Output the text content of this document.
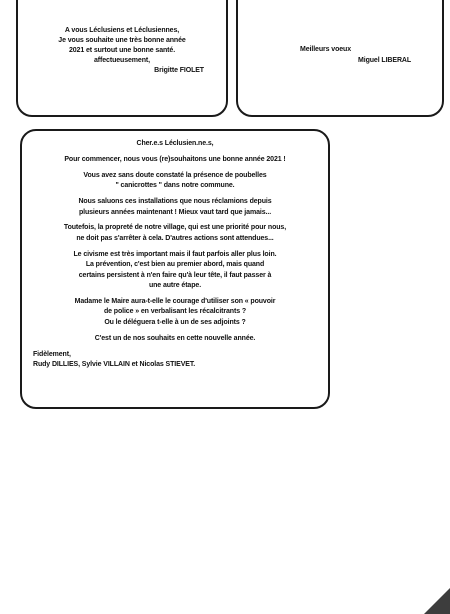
A vous Léclusiens et Léclusiennes,
Je vous souhaite une très bonne année
2021 et surtout une bonne santé.
affectueusement,
Brigitte FIOLET
Meilleurs voeux
Miguel LIBERAL
Cher.e.s Léclusien.ne.s,
Pour commencer, nous vous (re)souhaitons une bonne année 2021 !
Vous avez sans doute constaté la présence de poubelles
" canicrottes " dans notre commune.
Nous saluons ces installations que nous réclamions depuis
plusieurs années maintenant ! Mieux vaut tard que jamais...
Toutefois, la propreté de notre village, qui est une priorité pour nous,
ne doit pas s'arrêter à cela. D'autres actions sont attendues...
Le civisme est très important mais il faut parfois aller plus loin.
La prévention, c'est bien au premier abord, mais quand
certains persistent à n'en faire qu'à leur tête, il faut passer à
une autre étape.
Madame le Maire aura-t-elle le courage d'utiliser son « pouvoir
de police » en verbalisant les récalcitrants ?
Ou le déléguera t-elle à un de ses adjoints ?
C'est un de nos souhaits en cette nouvelle année.
Fidèlement,
Rudy DILLIES, Sylvie VILLAIN et Nicolas STIEVET.
